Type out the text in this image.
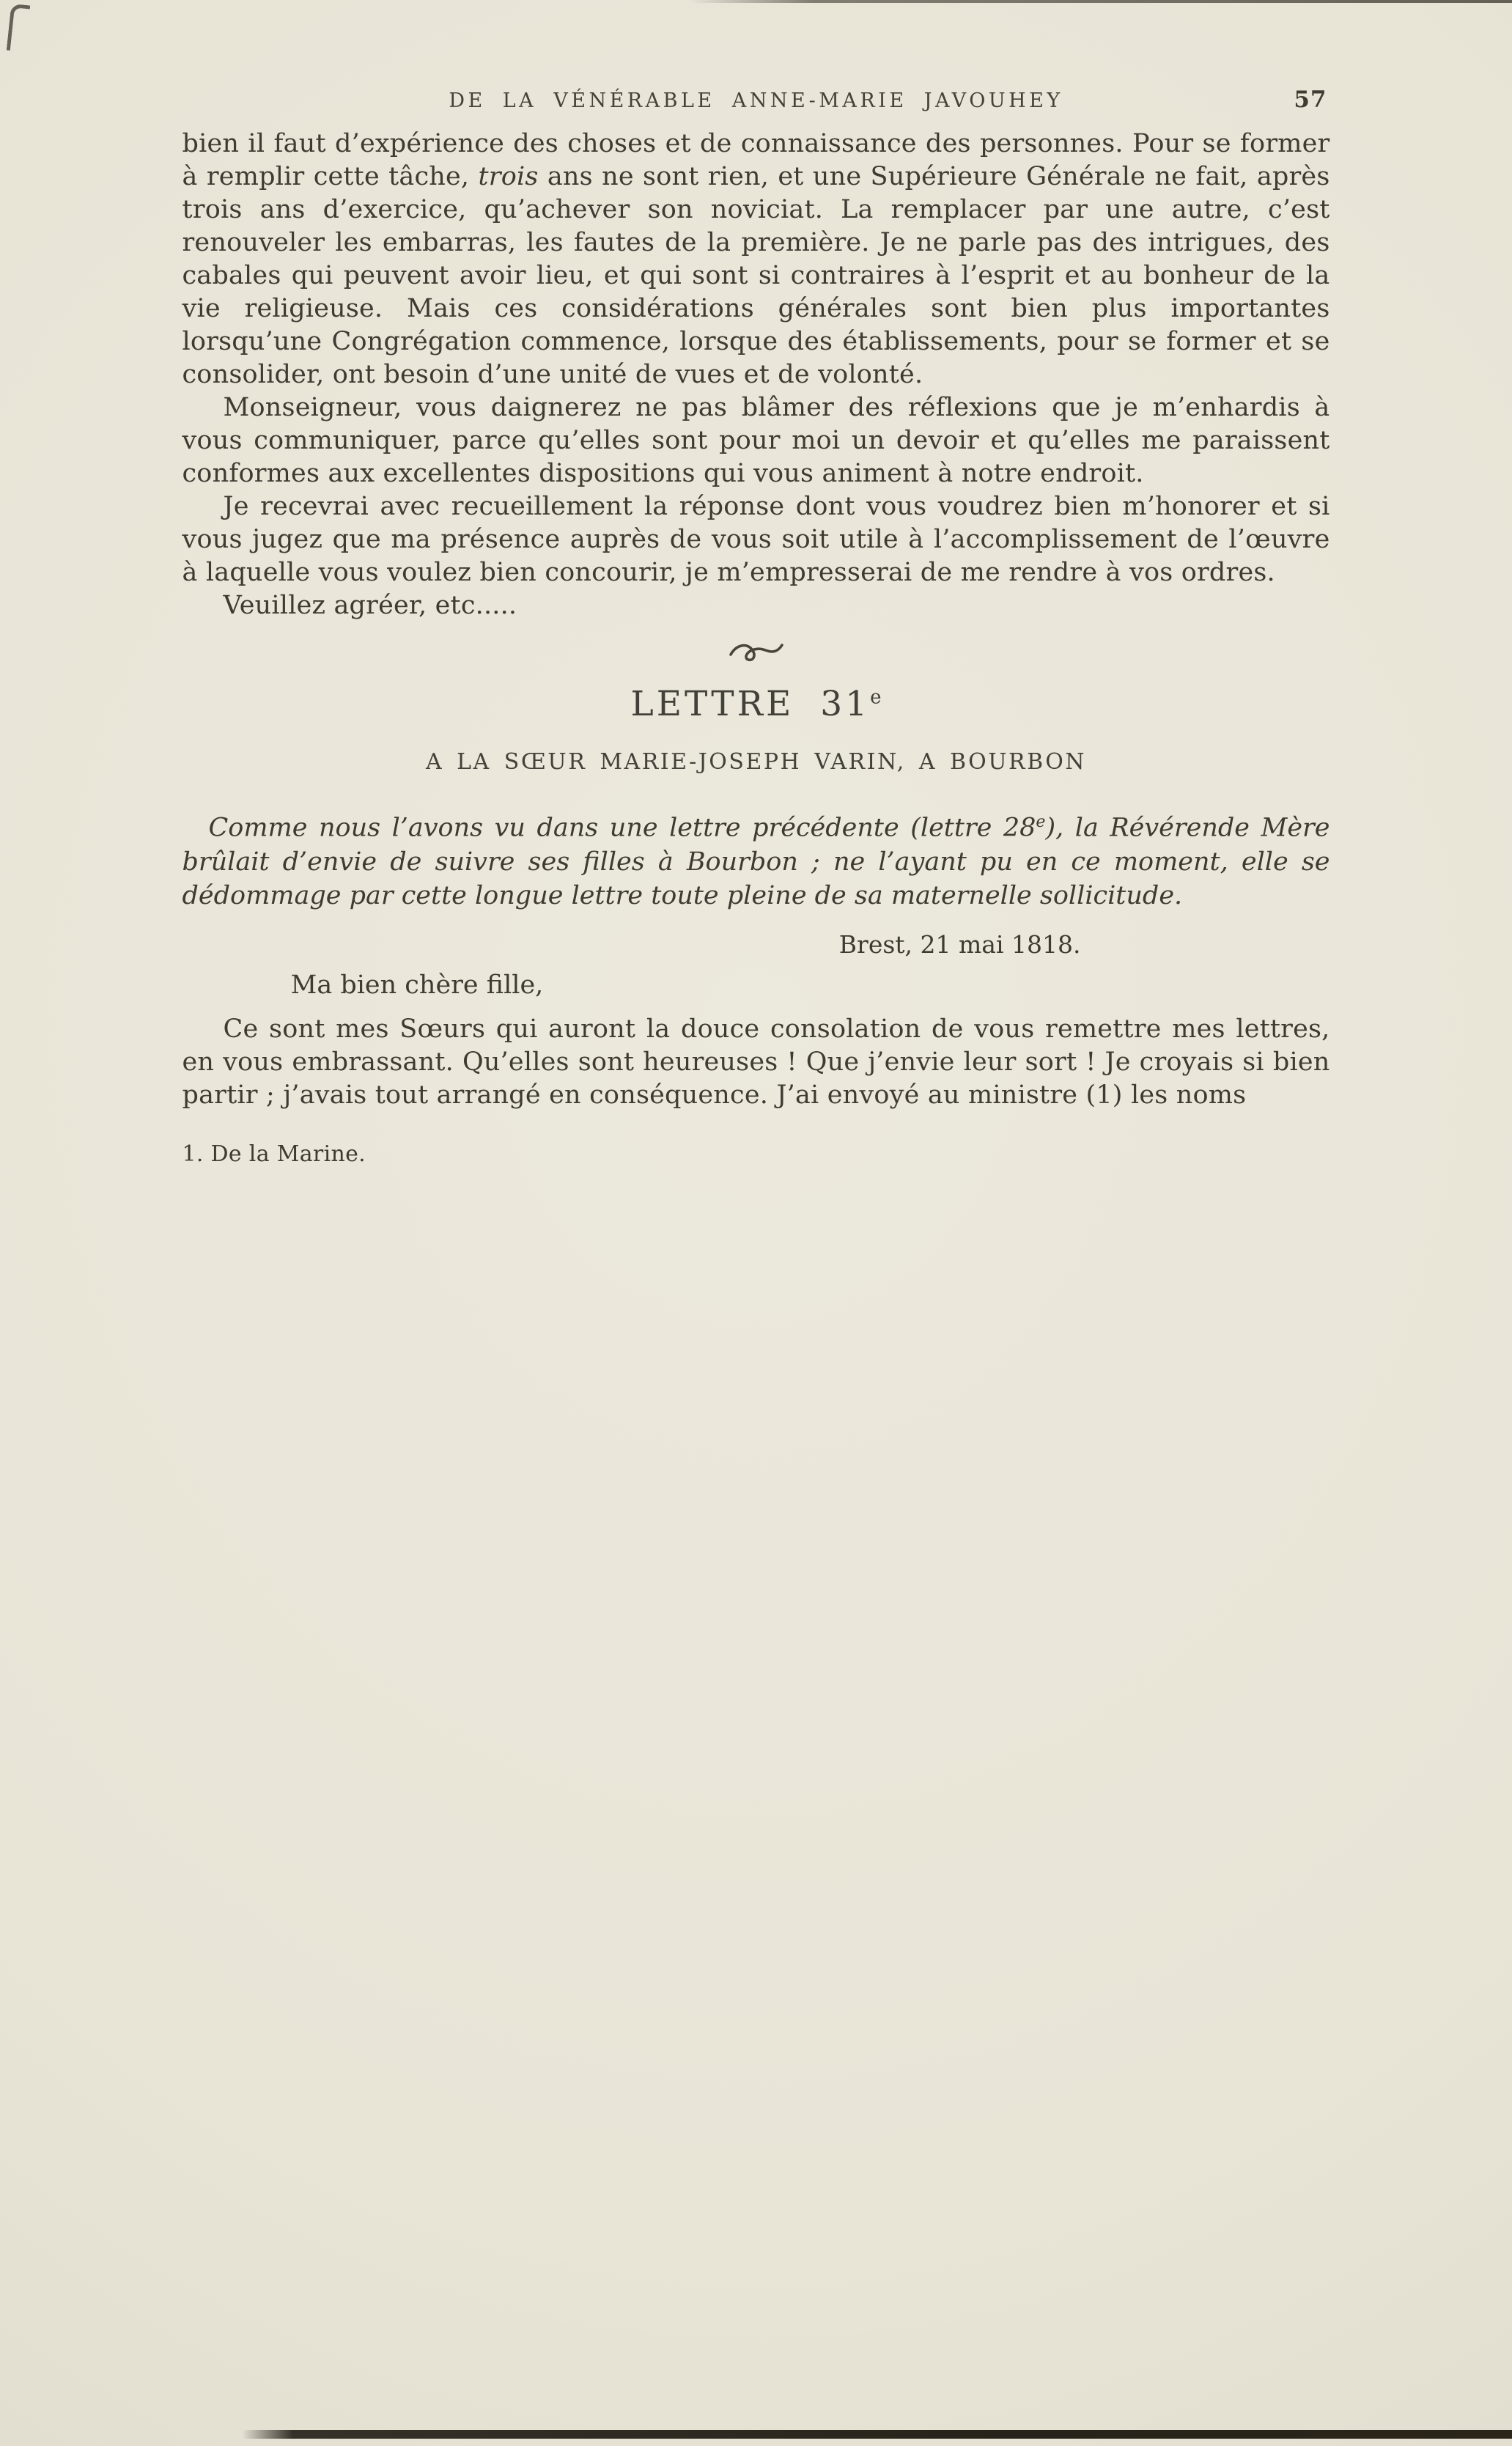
DE LA VÉNÉRABLE ANNE-MARIE JAVOUHEY	57

bien il faut d’expérience des choses et de connaissance des personnes. Pour se former à remplir cette tâche, trois ans ne sont rien, et une Supérieure Générale ne fait, après trois ans d’exercice, qu’achever son noviciat. La remplacer par une autre, c’est renouveler les embarras, les fautes de la première. Je ne parle pas des intrigues, des cabales qui peuvent avoir lieu, et qui sont si contraires à l’esprit et au bonheur de la vie religieuse. Mais ces considérations générales sont bien plus importantes lorsqu’une Congrégation commence, lorsque des établissements, pour se former et se consolider, ont besoin d’une unité de vues et de volonté.

Monseigneur, vous daignerez ne pas blâmer des réflexions que je m’enhardis à vous communiquer, parce qu’elles sont pour moi un devoir et qu’elles me paraissent conformes aux excellentes dispositions qui vous animent à notre endroit.

Je recevrai avec recueillement la réponse dont vous voudrez bien m’honorer et si vous jugez que ma présence auprès de vous soit utile à l’accomplissement de l’œuvre à laquelle vous voulez bien concourir, je m’empresserai de me rendre à vos ordres.

Veuillez agréer, etc.....

LETTRE 31e
A LA SŒUR MARIE-JOSEPH VARIN, A BOURBON

Comme nous l’avons vu dans une lettre précédente (lettre 28e), la Révérende Mère brûlait d’envie de suivre ses filles à Bourbon ; ne l’ayant pu en ce moment, elle se dédommage par cette longue lettre toute pleine de sa maternelle sollicitude.

Brest, 21 mai 1818.
Ma bien chère fille,

Ce sont mes Sœurs qui auront la douce consolation de vous remettre mes lettres, en vous embrassant. Qu’elles sont heureuses ! Que j’envie leur sort ! Je croyais si bien partir ; j’avais tout arrangé en conséquence. J’ai envoyé au ministre (1) les noms

1. De la Marine.
